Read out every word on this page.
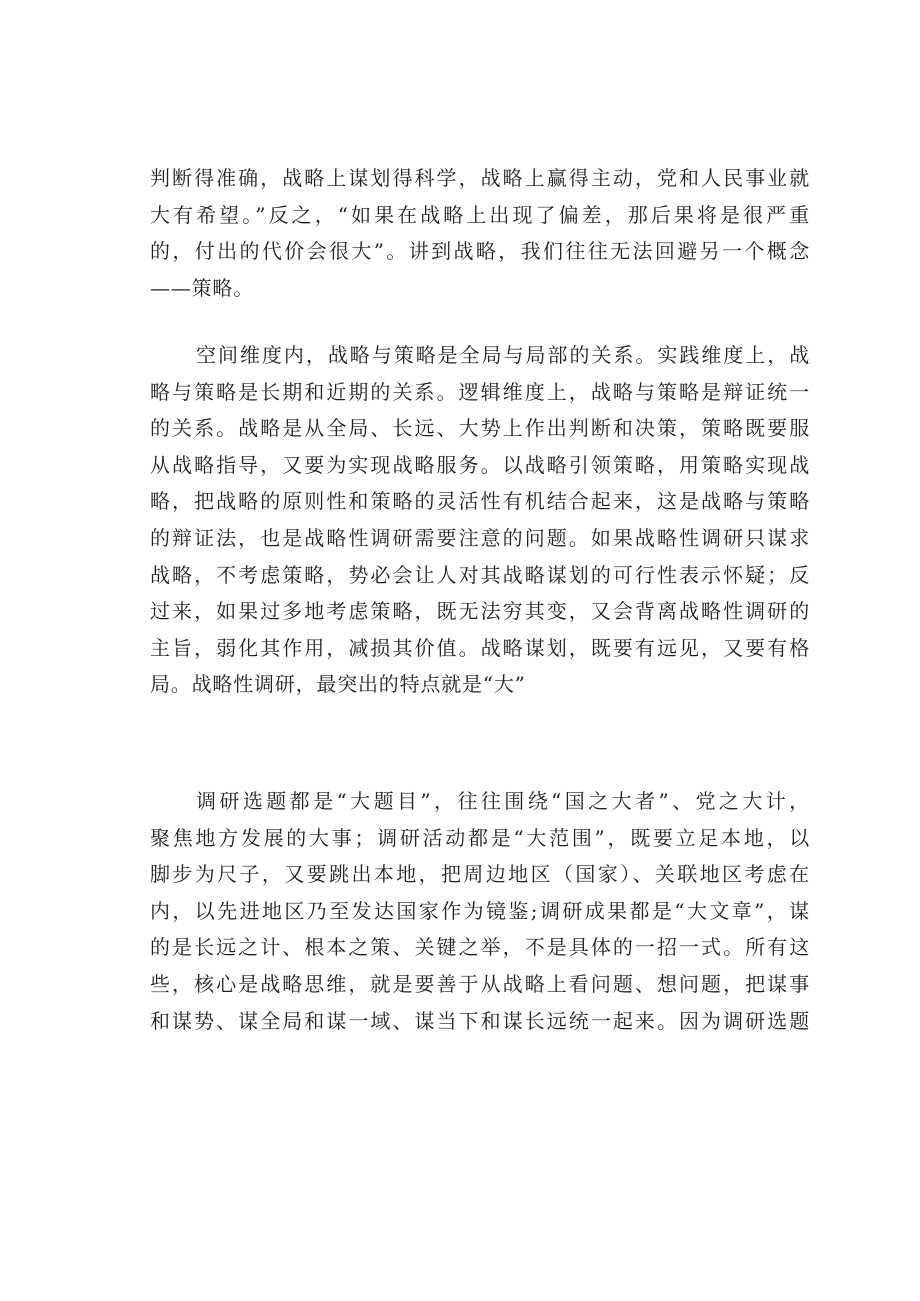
判断得准确，战略上谋划得科学，战略上赢得主动，党和人民事业就
大有希望。”反之，“如果在战略上出现了偏差，那后果将是很严重
的，付出的代价会很大”。讲到战略，我们往往无法回避另一个概念
——策略。
空间维度内，战略与策略是全局与局部的关系。实践维度上，战
略与策略是长期和近期的关系。逻辑维度上，战略与策略是辩证统一
的关系。战略是从全局、长远、大势上作出判断和决策，策略既要服
从战略指导，又要为实现战略服务。以战略引领策略，用策略实现战
略，把战略的原则性和策略的灵活性有机结合起来，这是战略与策略
的辩证法，也是战略性调研需要注意的问题。如果战略性调研只谋求
战略，不考虑策略，势必会让人对其战略谋划的可行性表示怀疑；反
过来，如果过多地考虑策略，既无法穷其变，又会背离战略性调研的
主旨，弱化其作用，减损其价值。战略谋划，既要有远见，又要有格
局。战略性调研，最突出的特点就是“大”
调研选题都是“大题目”，往往围绕“国之大者”、党之大计，
聚焦地方发展的大事；调研活动都是“大范围”，既要立足本地，以
脚步为尺子，又要跳出本地，把周边地区（国家）、关联地区考虑在
内，以先进地区乃至发达国家作为镜鉴;调研成果都是“大文章”，谋
的是长远之计、根本之策、关键之举，不是具体的一招一式。所有这
些，核心是战略思维，就是要善于从战略上看问题、想问题，把谋事
和谋势、谋全局和谋一域、谋当下和谋长远统一起来。因为调研选题
